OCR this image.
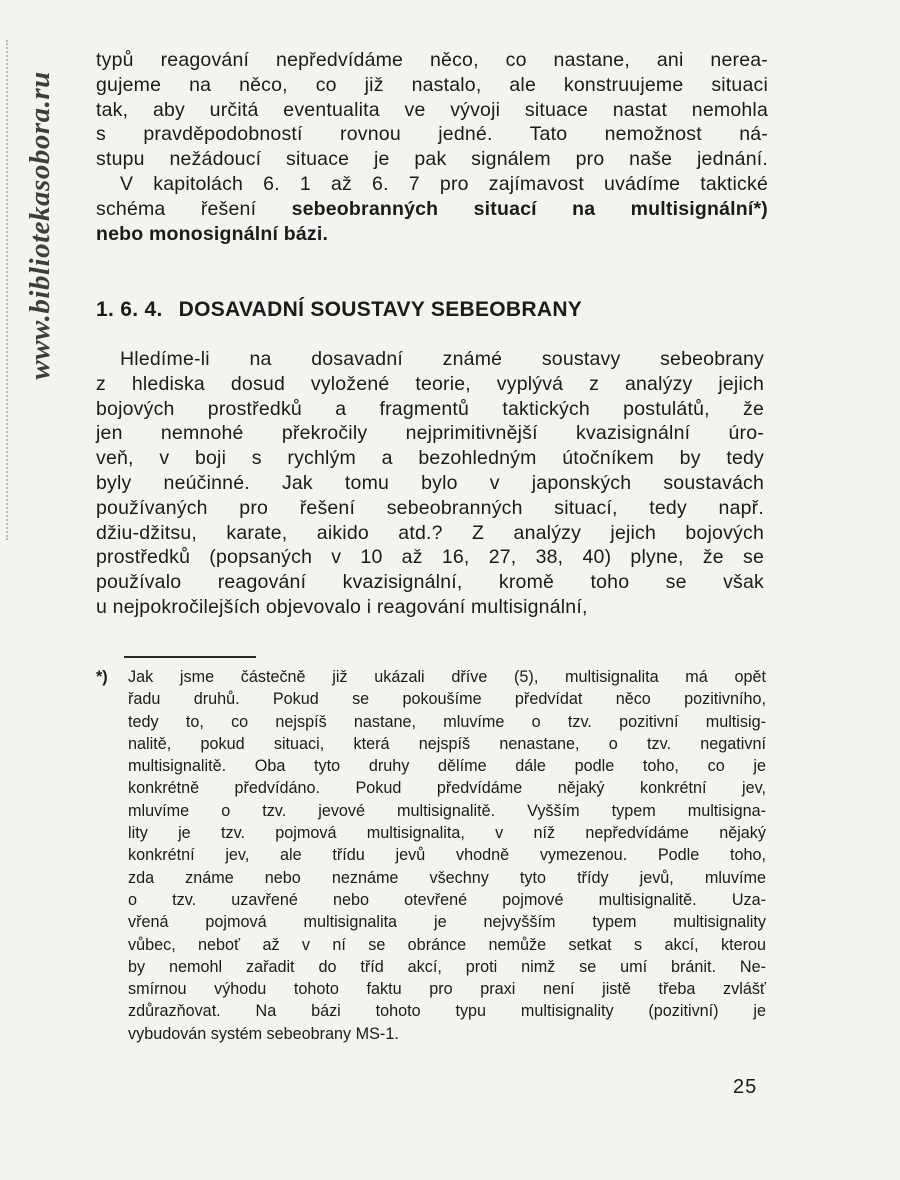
www.bibliotekasobora.ru

typů reagování nepředvídáme něco, co nastane, ani nerea-
gujeme na něco, co již nastalo, ale konstruujeme situaci
tak, aby určitá eventualita ve vývoji situace nastat nemohla
s pravděpodobností rovnou jedné. Tato nemožnost ná-
stupu nežádoucí situace je pak signálem pro naše jednání.

V kapitolách 6. 1 až 6. 7 pro zajímavost uvádíme taktické
schéma řešení sebeobranných situací na multisignální*)
nebo monosignální bázi.

1. 6. 4. DOSAVADNÍ SOUSTAVY SEBEOBRANY

Hledíme-li na dosavadní známé soustavy sebeobrany
z hlediska dosud vyložené teorie, vyplývá z analýzy jejich
bojových prostředků a fragmentů taktických postulátů, že
jen nemnohé překročily nejprimitivnější kvazisignální úro-
veň, v boji s rychlým a bezohledným útočníkem by tedy
byly neúčinné. Jak tomu bylo v japonských soustavách
používaných pro řešení sebeobranných situací, tedy např.
džiu-džitsu, karate, aikido atd.? Z analýzy jejich bojových
prostředků (popsaných v 10 až 16, 27, 38, 40) plyne, že se
používalo reagování kvazisignální, kromě toho se však
u nejpokročilejších objevovalo i reagování multisignální,

*) Jak jsme částečně již ukázali dříve (5), multisignalita má opět
řadu druhů. Pokud se pokoušíme předvídat něco pozitivního,
tedy to, co nejspíš nastane, mluvíme o tzv. pozitivní multisig-
nalitě, pokud situaci, která nejspíš nenastane, o tzv. negativní
multisignalitě. Oba tyto druhy dělíme dále podle toho, co je
konkrétně předvídáno. Pokud předvídáme nějaký konkrétní jev,
mluvíme o tzv. jevové multisignalitě. Vyšším typem multisigna-
lity je tzv. pojmová multisignalita, v níž nepředvídáme nějaký
konkrétní jev, ale třídu jevů vhodně vymezenou. Podle toho,
zda známe nebo neznáme všechny tyto třídy jevů, mluvíme
o tzv. uzavřené nebo otevřené pojmové multisignalitě. Uza-
vřená pojmová multisignalita je nejvyšším typem multisignality
vůbec, neboť až v ní se obránce nemůže setkat s akcí, kterou
by nemohl zařadit do tříd akcí, proti nimž se umí bránit. Ne-
smírnou výhodu tohoto faktu pro praxi není jistě třeba zvlášť
zdůrazňovat. Na bázi tohoto typu multisignality (pozitivní) je
vybudován systém sebeobrany MS-1.
25
